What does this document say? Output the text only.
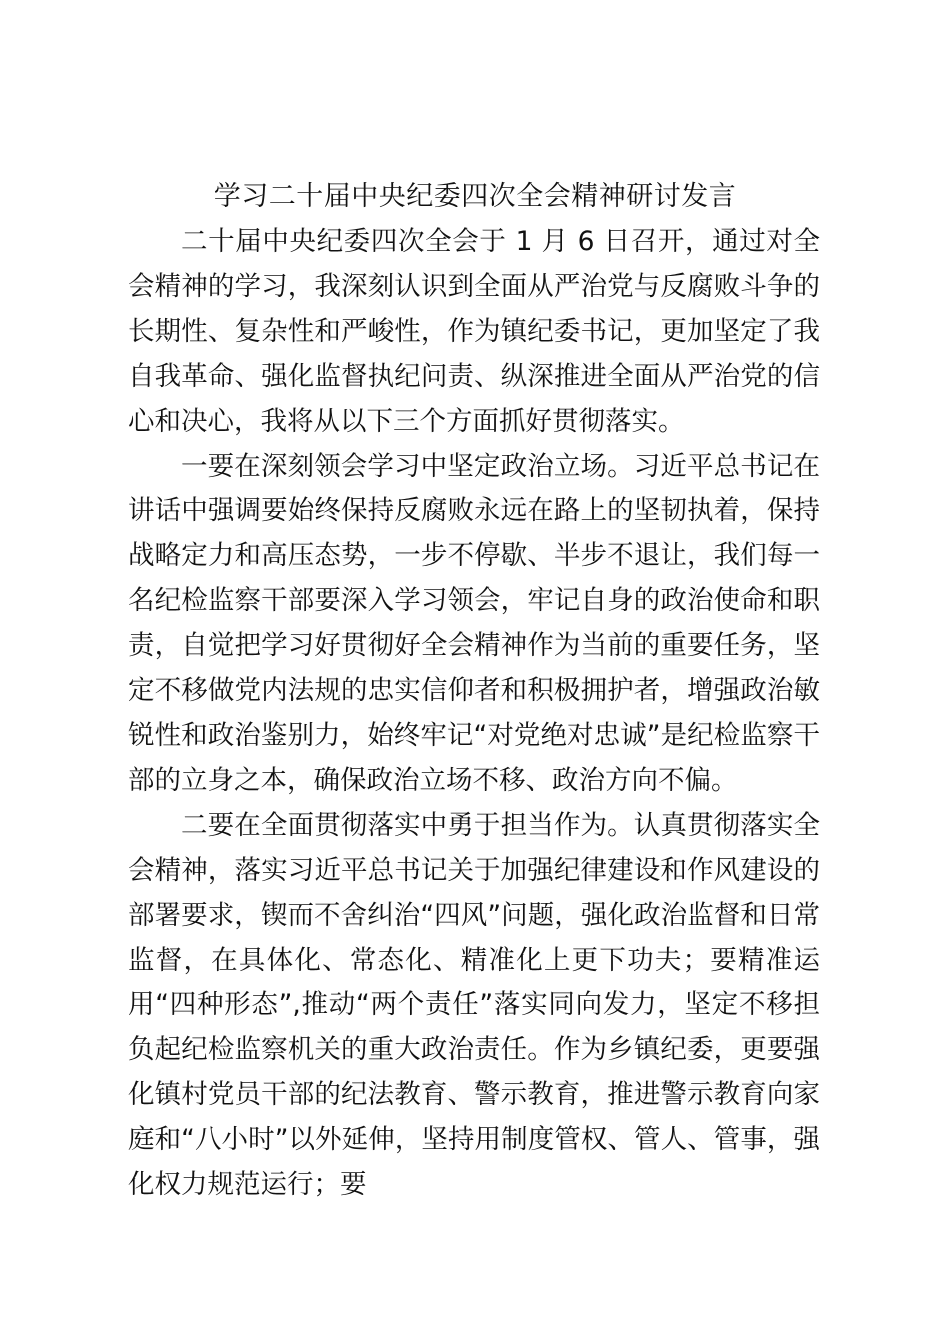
学习二十届中央纪委四次全会精神研讨发言

二十届中央纪委四次全会于 1 月 6 日召开，通过对全会精神的学习，我深刻认识到全面从严治党与反腐败斗争的长期性、复杂性和严峻性，作为镇纪委书记，更加坚定了我自我革命、强化监督执纪问责、纵深推进全面从严治党的信心和决心，我将从以下三个方面抓好贯彻落实。

一要在深刻领会学习中坚定政治立场。习近平总书记在讲话中强调要始终保持反腐败永远在路上的坚韧执着，保持战略定力和高压态势，一步不停歇、半步不退让，我们每一名纪检监察干部要深入学习领会，牢记自身的政治使命和职责，自觉把学习好贯彻好全会精神作为当前的重要任务，坚定不移做党内法规的忠实信仰者和积极拥护者，增强政治敏锐性和政治鉴别力，始终牢记“对党绝对忠诚”是纪检监察干部的立身之本，确保政治立场不移、政治方向不偏。

二要在全面贯彻落实中勇于担当作为。认真贯彻落实全会精神，落实习近平总书记关于加强纪律建设和作风建设的部署要求，锲而不舍纠治“四风”问题，强化政治监督和日常监督，在具体化、常态化、精准化上更下功夫；要精准运用“四种形态”,推动“两个责任”落实同向发力，坚定不移担负起纪检监察机关的重大政治责任。作为乡镇纪委，更要强化镇村党员干部的纪法教育、警示教育，推进警示教育向家庭和“八小时”以外延伸，坚持用制度管权、管人、管事，强化权力规范运行；要
